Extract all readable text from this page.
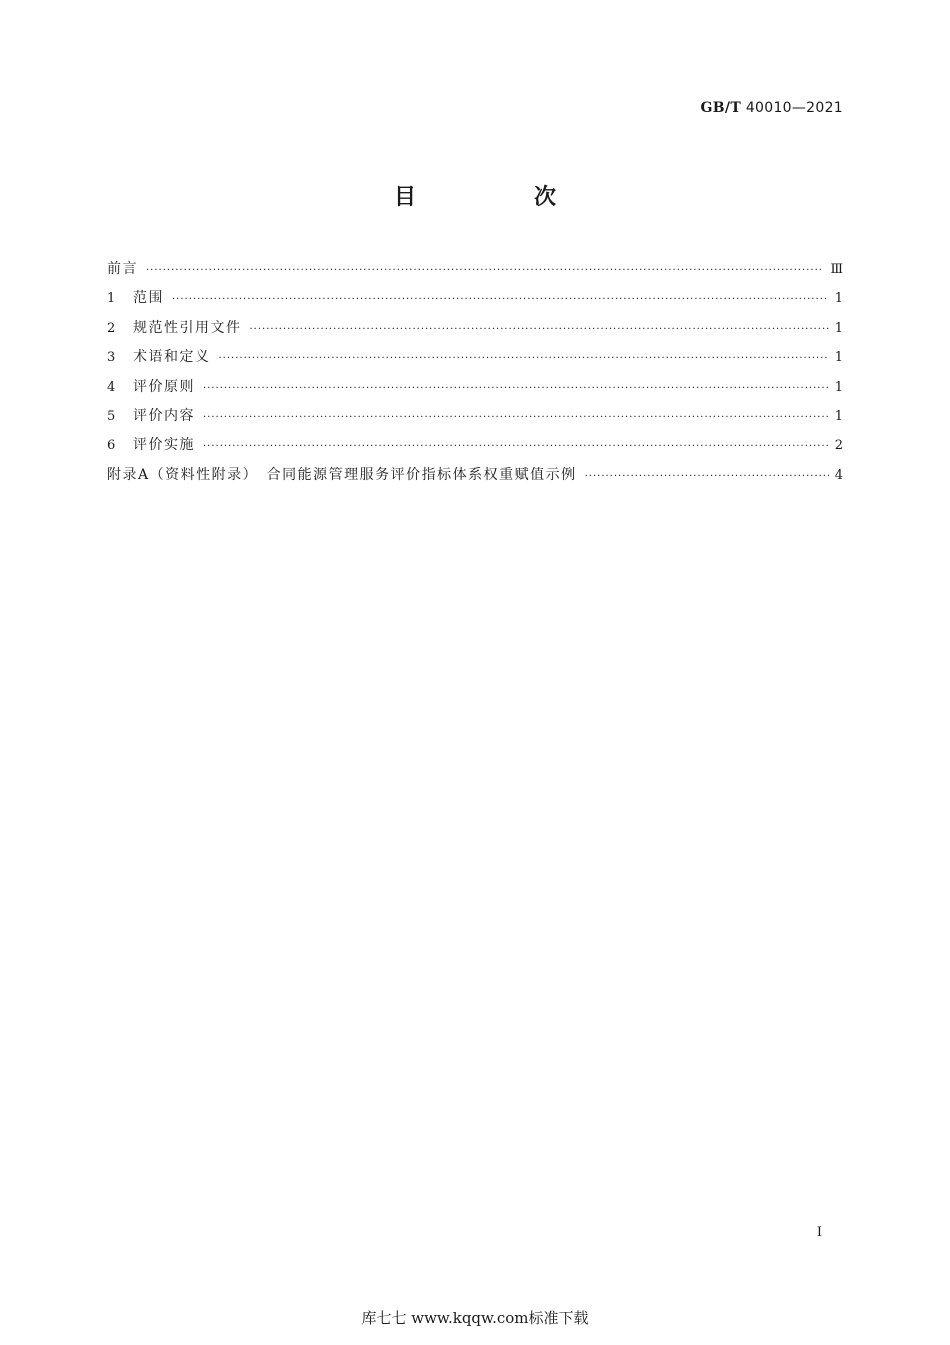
GB/T 40010—2021
目　次
前言 ·····	Ⅲ
1	范围 ·····	1
2	规范性引用文件 ·····	1
3	术语和定义 ·····	1
4	评价原则 ·····	1
5	评价内容 ·····	1
6	评价实施 ·····	2
附录A（资料性附录）　合同能源管理服务评价指标体系权重赋值示例 ·····	4
I
库七七 www.kqqw.com标准下载
